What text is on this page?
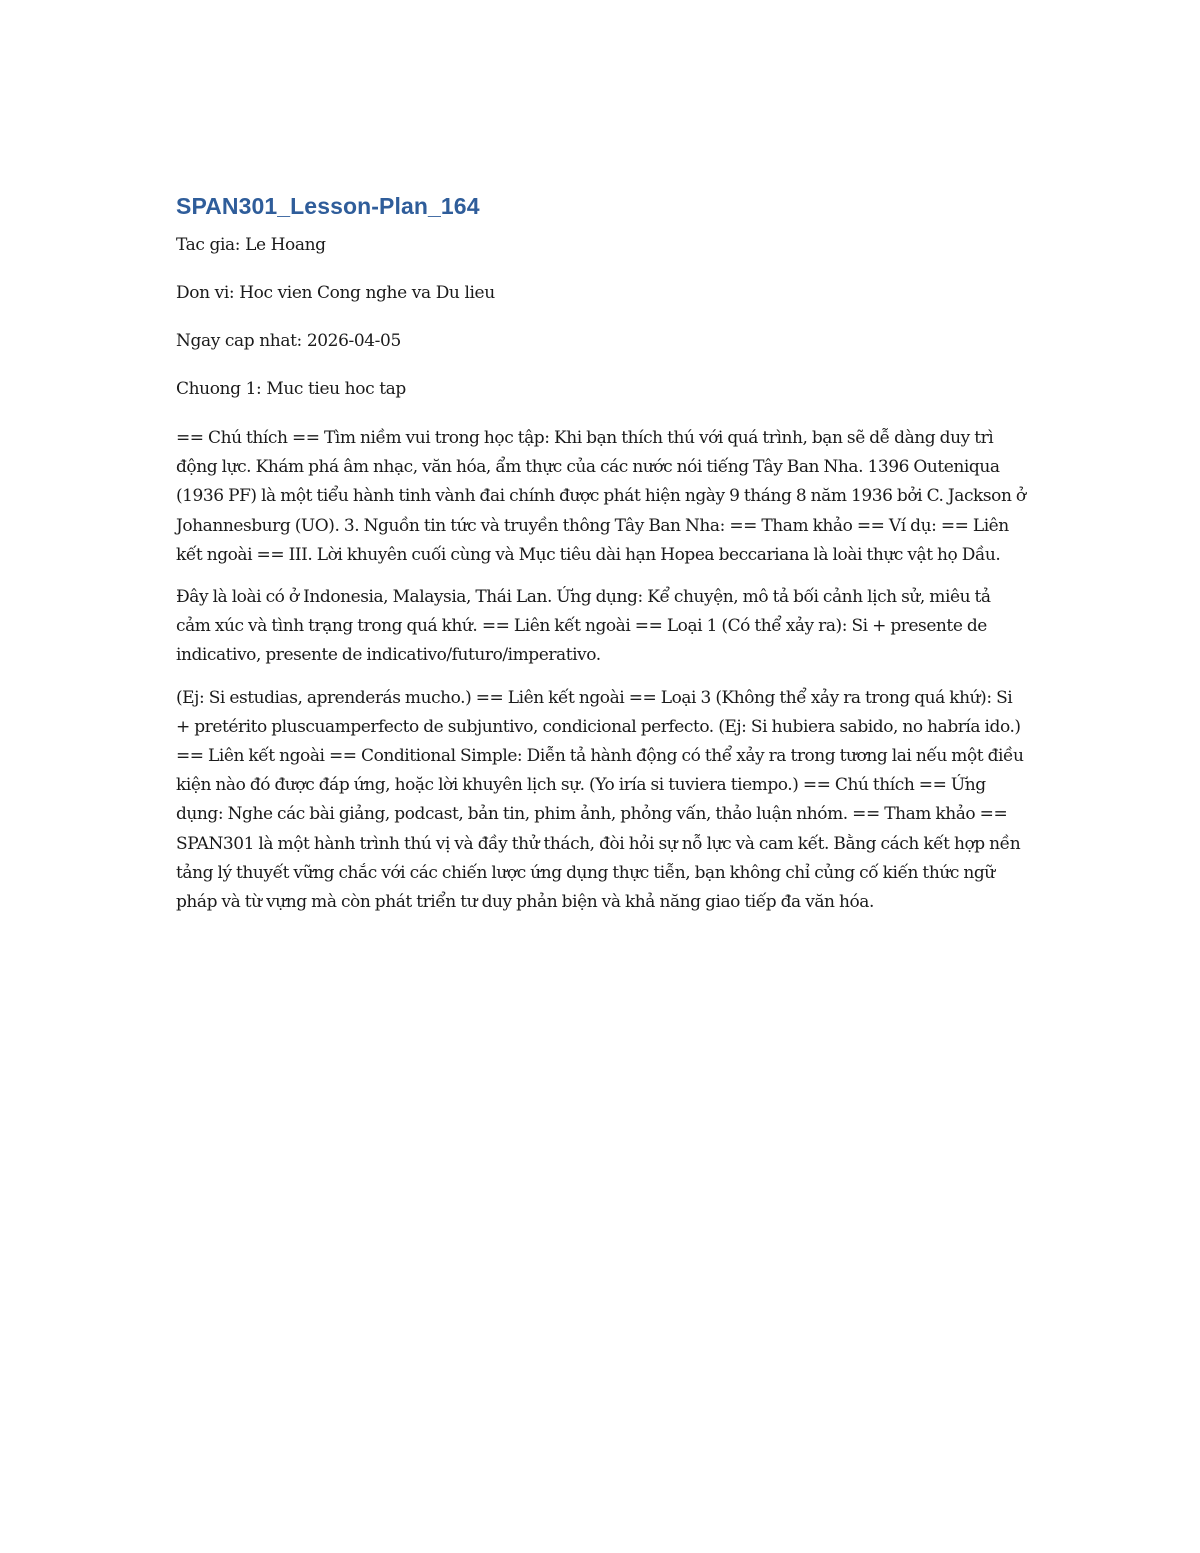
SPAN301_Lesson-Plan_164

Tac gia: Le Hoang

Don vi: Hoc vien Cong nghe va Du lieu

Ngay cap nhat: 2026-04-05

Chuong 1: Muc tieu hoc tap

== Chú thích == Tìm niềm vui trong học tập: Khi bạn thích thú với quá trình, bạn sẽ dễ dàng duy trì động lực. Khám phá âm nhạc, văn hóa, ẩm thực của các nước nói tiếng Tây Ban Nha. 1396 Outeniqua (1936 PF) là một tiểu hành tinh vành đai chính được phát hiện ngày 9 tháng 8 năm 1936 bởi C. Jackson ở Johannesburg (UO). 3. Nguồn tin tức và truyền thông Tây Ban Nha: == Tham khảo == Ví dụ: == Liên kết ngoài == III. Lời khuyên cuối cùng và Mục tiêu dài hạn Hopea beccariana là loài thực vật họ Dầu.

Đây là loài có ở Indonesia, Malaysia, Thái Lan. Ứng dụng: Kể chuyện, mô tả bối cảnh lịch sử, miêu tả cảm xúc và tình trạng trong quá khứ. == Liên kết ngoài == Loại 1 (Có thể xảy ra): Si + presente de indicativo, presente de indicativo/futuro/imperativo.

(Ej: Si estudias, aprenderás mucho.) == Liên kết ngoài == Loại 3 (Không thể xảy ra trong quá khứ): Si + pretérito pluscuamperfecto de subjuntivo, condicional perfecto. (Ej: Si hubiera sabido, no habría ido.) == Liên kết ngoài == Conditional Simple: Diễn tả hành động có thể xảy ra trong tương lai nếu một điều kiện nào đó được đáp ứng, hoặc lời khuyên lịch sự. (Yo iría si tuviera tiempo.) == Chú thích == Ứng dụng: Nghe các bài giảng, podcast, bản tin, phim ảnh, phỏng vấn, thảo luận nhóm. == Tham khảo == SPAN301 là một hành trình thú vị và đầy thử thách, đòi hỏi sự nỗ lực và cam kết. Bằng cách kết hợp nền tảng lý thuyết vững chắc với các chiến lược ứng dụng thực tiễn, bạn không chỉ củng cố kiến thức ngữ pháp và từ vựng mà còn phát triển tư duy phản biện và khả năng giao tiếp đa văn hóa.
